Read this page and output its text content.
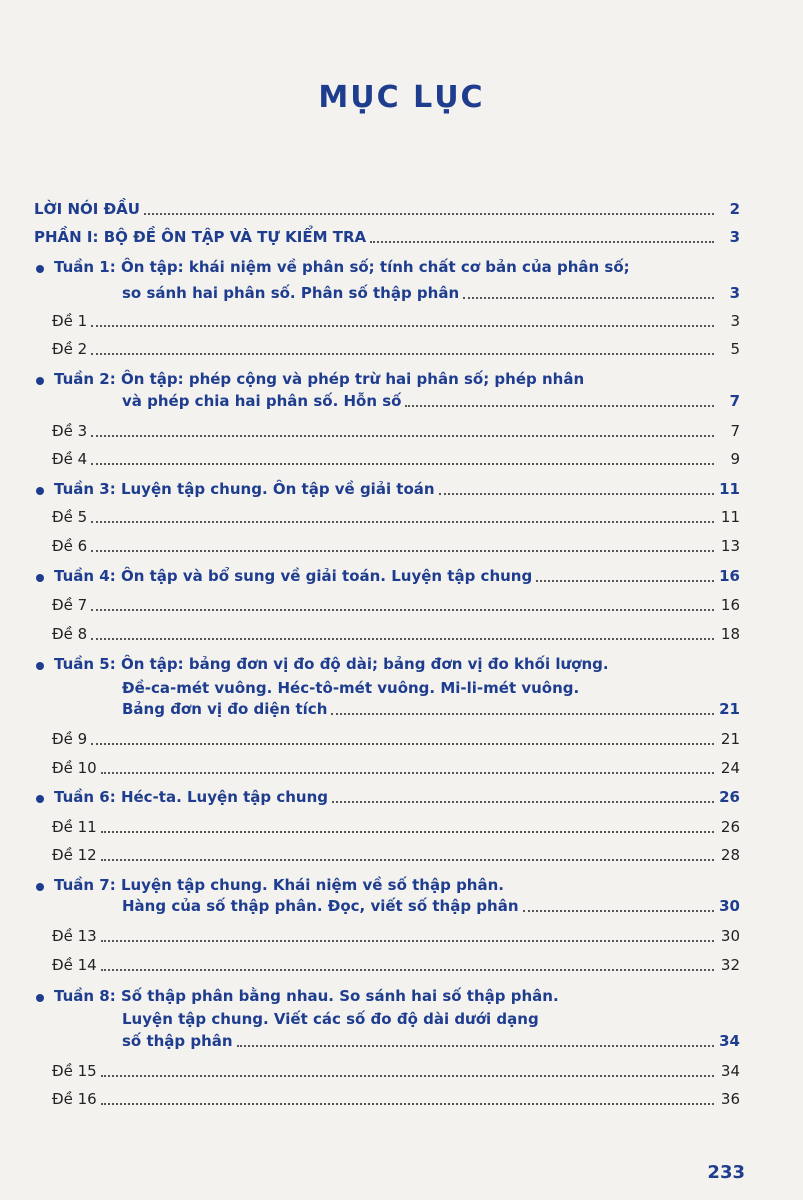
MỤC LỤC
LỜI NÓI ĐẦU	2
PHẦN I: BỘ ĐỀ ÔN TẬP VÀ TỰ KIỂM TRA	3
Tuần 1: Ôn tập: khái niệm về phân số; tính chất cơ bản của phân số;
so sánh hai phân số. Phân số thập phân	3
Đề 1	3
Đề 2	5
Tuần 2: Ôn tập: phép cộng và phép trừ hai phân số; phép nhân
và phép chia hai phân số. Hỗn số	7
Đề 3	7
Đề 4	9
Tuần 3: Luyện tập chung. Ôn tập về giải toán	11
Đề 5	11
Đề 6	13
Tuần 4: Ôn tập và bổ sung về giải toán. Luyện tập chung	16
Đề 7	16
Đề 8	18
Tuần 5: Ôn tập: bảng đơn vị đo độ dài; bảng đơn vị đo khối lượng.
Đề-ca-mét vuông. Héc-tô-mét vuông. Mi-li-mét vuông.
Bảng đơn vị đo diện tích	21
Đề 9	21
Đề 10	24
Tuần 6: Héc-ta. Luyện tập chung	26
Đề 11	26
Đề 12	28
Tuần 7: Luyện tập chung. Khái niệm về số thập phân.
Hàng của số thập phân. Đọc, viết số thập phân	30
Đề 13	30
Đề 14	32
Tuần 8: Số thập phân bằng nhau. So sánh hai số thập phân.
Luyện tập chung. Viết các số đo độ dài dưới dạng
số thập phân	34
Đề 15	34
Đề 16	36
233
